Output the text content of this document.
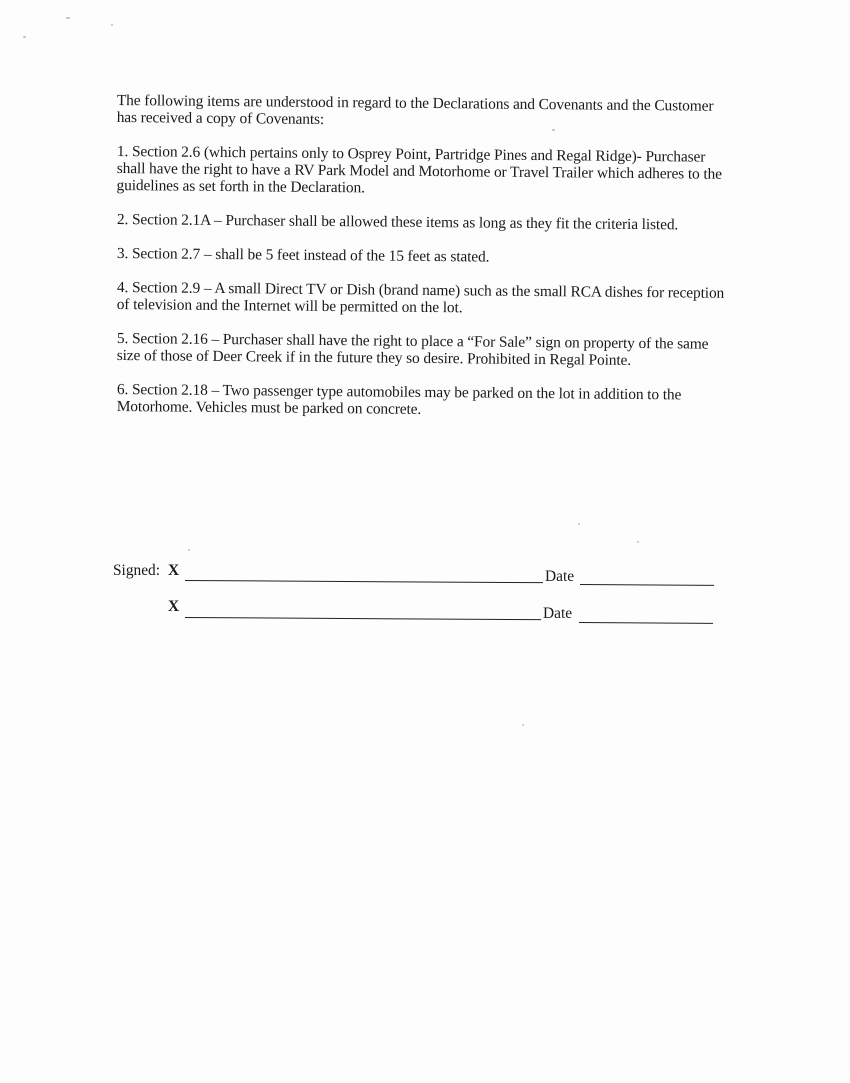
The following items are understood in regard to the Declarations and Covenants and the Customer has received a copy of Covenants:

1. Section 2.6 (which pertains only to Osprey Point, Partridge Pines and Regal Ridge)- Purchaser shall have the right to have a RV Park Model and Motorhome or Travel Trailer which adheres to the guidelines as set forth in the Declaration.

2. Section 2.1A – Purchaser shall be allowed these items as long as they fit the criteria listed.

3. Section 2.7 – shall be 5 feet instead of the 15 feet as stated.

4. Section 2.9 – A small Direct TV or Dish (brand name) such as the small RCA dishes for reception of television and the Internet will be permitted on the lot.

5. Section 2.16 – Purchaser shall have the right to place a “For Sale” sign on property of the same size of those of Deer Creek if in the future they so desire. Prohibited in Regal Pointe.

6. Section 2.18 – Two passenger type automobiles may be parked on the lot in addition to the Motorhome. Vehicles must be parked on concrete.

Signed: X	Date
X	Date
